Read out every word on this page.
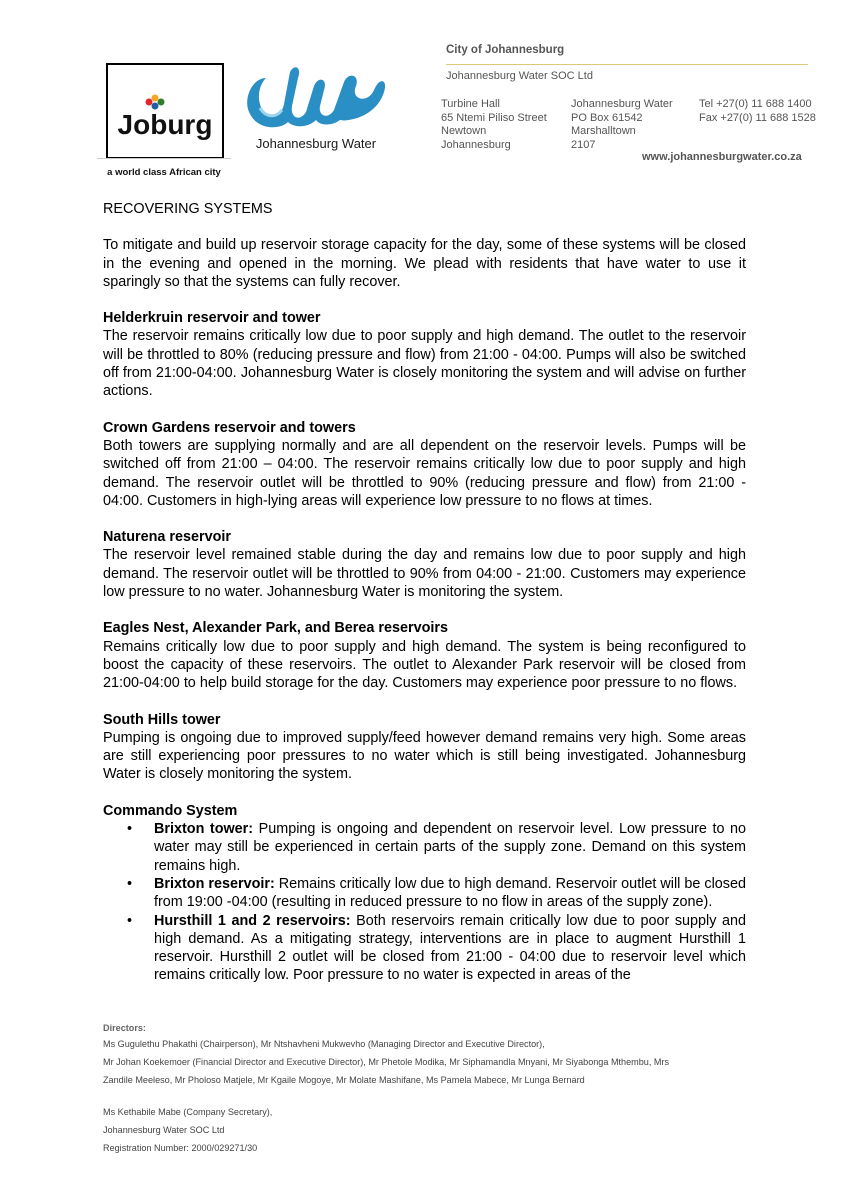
Joburg
a world class African city
Johannesburg Water
City of Johannesburg
Johannesburg Water SOC Ltd
Turbine Hall
65 Ntemi Piliso Street
Newtown
Johannesburg
Johannesburg Water
PO Box 61542
Marshalltown
2107
Tel +27(0) 11 688 1400
Fax +27(0) 11 688 1528
www.johannesburgwater.co.za
RECOVERING SYSTEMS

To mitigate and build up reservoir storage capacity for the day, some of these systems will be closed in the evening and opened in the morning. We plead with residents that have water to use it sparingly so that the systems can fully recover.

Helderkruin reservoir and tower

The reservoir remains critically low due to poor supply and high demand. The outlet to the reservoir will be throttled to 80% (reducing pressure and flow) from 21:00 - 04:00. Pumps will also be switched off from 21:00-04:00. Johannesburg Water is closely monitoring the system and will advise on further actions.

Crown Gardens reservoir and towers

Both towers are supplying normally and are all dependent on the reservoir levels. Pumps will be switched off from 21:00 – 04:00. The reservoir remains critically low due to poor supply and high demand. The reservoir outlet will be throttled to 90% (reducing pressure and flow) from 21:00 - 04:00. Customers in high-lying areas will experience low pressure to no flows at times.

Naturena reservoir

The reservoir level remained stable during the day and remains low due to poor supply and high demand. The reservoir outlet will be throttled to 90% from 04:00 - 21:00. Customers may experience low pressure to no water. Johannesburg Water is monitoring the system.

Eagles Nest, Alexander Park, and Berea reservoirs

Remains critically low due to poor supply and high demand. The system is being reconfigured to boost the capacity of these reservoirs. The outlet to Alexander Park reservoir will be closed from 21:00-04:00 to help build storage for the day. Customers may experience poor pressure to no flows.

South Hills tower

Pumping is ongoing due to improved supply/feed however demand remains very high. Some areas are still experiencing poor pressures to no water which is still being investigated. Johannesburg Water is closely monitoring the system.

Commando System
• Brixton tower: Pumping is ongoing and dependent on reservoir level. Low pressure to no water may still be experienced in certain parts of the supply zone. Demand on this system remains high.
• Brixton reservoir: Remains critically low due to high demand. Reservoir outlet will be closed from 19:00 -04:00 (resulting in reduced pressure to no flow in areas of the supply zone).
• Hursthill 1 and 2 reservoirs: Both reservoirs remain critically low due to poor supply and high demand. As a mitigating strategy, interventions are in place to augment Hursthill 1 reservoir. Hursthill 2 outlet will be closed from 21:00 - 04:00 due to reservoir level which remains critically low. Poor pressure to no water is expected in areas of the
Directors:
Ms Gugulethu Phakathi (Chairperson), Mr Ntshavheni Mukwevho (Managing Director and Executive Director),
Mr Johan Koekemoer (Financial Director and Executive Director), Mr Phetole Modika, Mr Siphamandla Mnyani, Mr Siyabonga Mthembu, Mrs
Zandile Meeleso, Mr Pholoso Matjele, Mr Kgaile Mogoye, Mr Molate Mashifane, Ms Pamela Mabece, Mr Lunga Bernard
Ms Kethabile Mabe (Company Secretary),
Johannesburg Water SOC Ltd
Registration Number: 2000/029271/30
